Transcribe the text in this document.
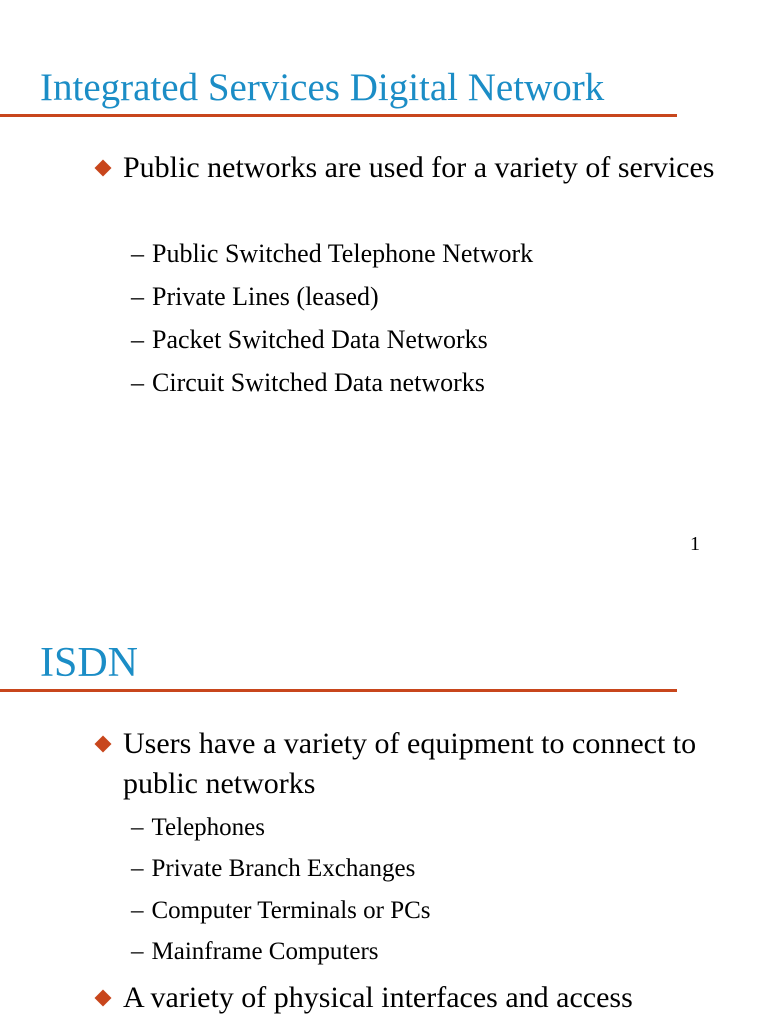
Integrated Services Digital Network

Public networks are used for a variety of services

– Public Switched Telephone Network

– Private Lines (leased)

– Packet Switched Data Networks

– Circuit Switched Data networks

1
ISDN

Users have a variety of equipment to connect to public networks

– Telephones

– Private Branch Exchanges

– Computer Terminals or PCs

– Mainframe Computers

A variety of physical interfaces and access
